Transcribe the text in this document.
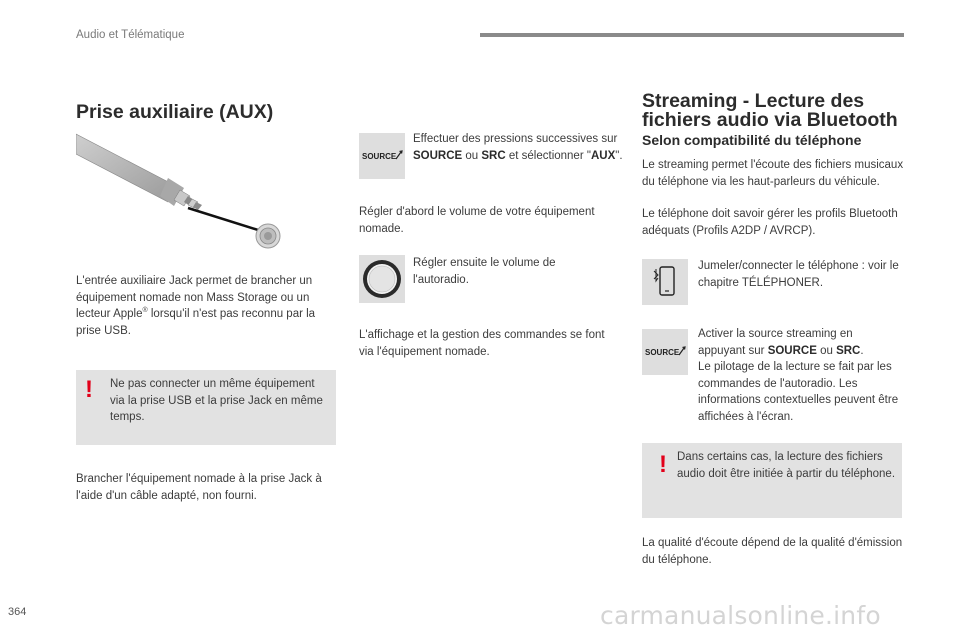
Audio et Télématique
Prise auxiliaire (AUX)
L'entrée auxiliaire Jack permet de brancher un équipement nomade non Mass Storage ou un lecteur Apple® lorsqu'il n'est pas reconnu par la prise USB.
! Ne pas connecter un même équipement via la prise USB et la prise Jack en même temps.
Brancher l'équipement nomade à la prise Jack à l'aide d'un câble adapté, non fourni.
SOURCE
Effectuer des pressions successives sur SOURCE ou SRC et sélectionner "AUX".
Régler d'abord le volume de votre équipement nomade.
Régler ensuite le volume de l'autoradio.
L'affichage et la gestion des commandes se font via l'équipement nomade.
Streaming - Lecture des
fichiers audio via Bluetooth
Selon compatibilité du téléphone
Le streaming permet l'écoute des fichiers musicaux du téléphone via les haut-parleurs du véhicule.
Le téléphone doit savoir gérer les profils Bluetooth adéquats (Profils A2DP / AVRCP).
Jumeler/connecter le téléphone : voir le chapitre TÉLÉPHONER.
SOURCE
Activer la source streaming en appuyant sur SOURCE ou SRC.
Le pilotage de la lecture se fait par les commandes de l'autoradio. Les informations contextuelles peuvent être affichées à l'écran.
! Dans certains cas, la lecture des fichiers audio doit être initiée à partir du téléphone.
La qualité d'écoute dépend de la qualité d'émission du téléphone.
364	carmanualsonline.info
